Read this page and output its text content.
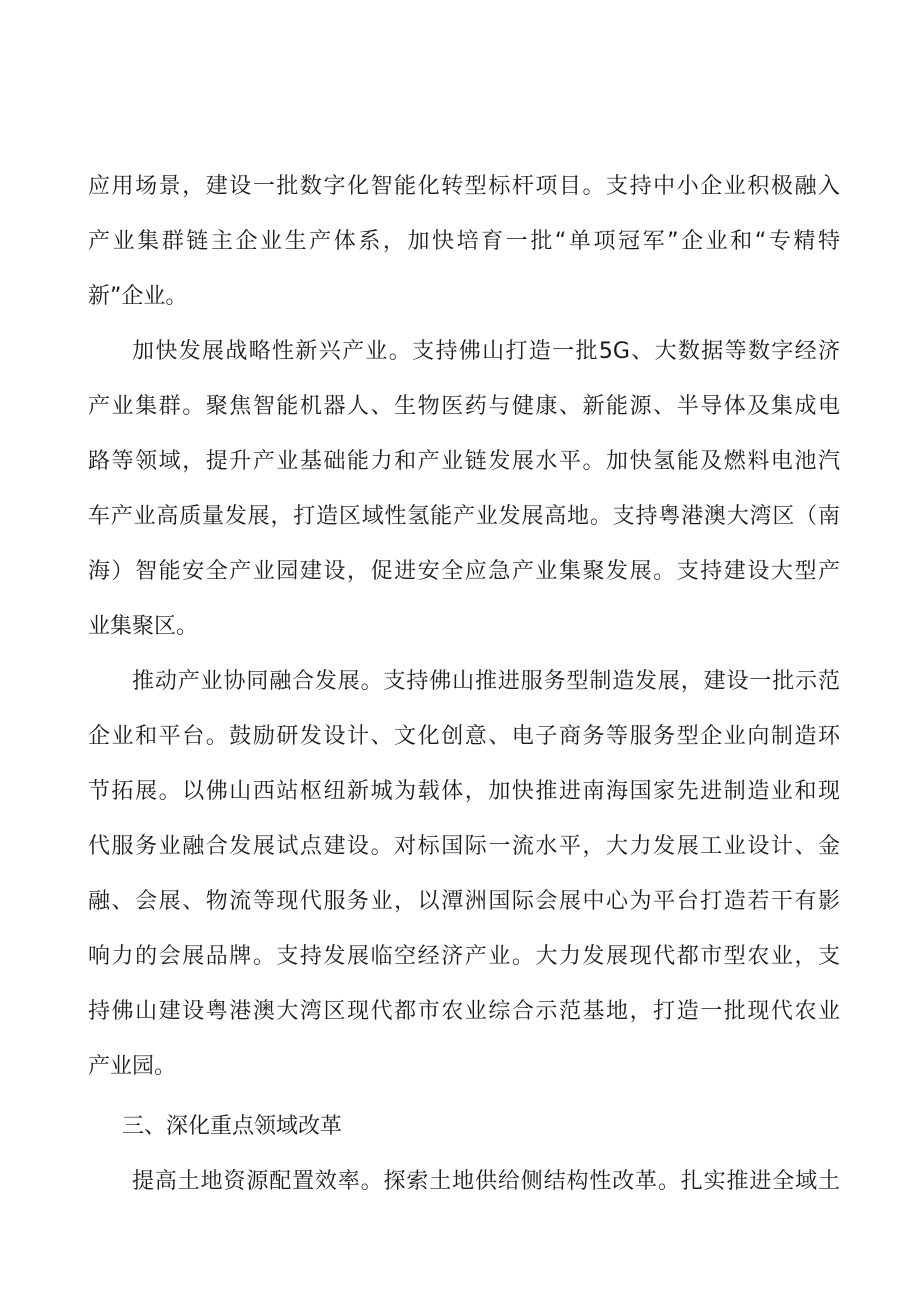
应用场景，建设一批数字化智能化转型标杆项目。支持中小企业积极融入
产业集群链主企业生产体系，加快培育一批“单项冠军”企业和“专精特
新”企业。
加快发展战略性新兴产业。支持佛山打造一批5G、大数据等数字经济
产业集群。聚焦智能机器人、生物医药与健康、新能源、半导体及集成电
路等领域，提升产业基础能力和产业链发展水平。加快氢能及燃料电池汽
车产业高质量发展，打造区域性氢能产业发展高地。支持粤港澳大湾区（南
海）智能安全产业园建设，促进安全应急产业集聚发展。支持建设大型产
业集聚区。
推动产业协同融合发展。支持佛山推进服务型制造发展，建设一批示范
企业和平台。鼓励研发设计、文化创意、电子商务等服务型企业向制造环
节拓展。以佛山西站枢纽新城为载体，加快推进南海国家先进制造业和现
代服务业融合发展试点建设。对标国际一流水平，大力发展工业设计、金
融、会展、物流等现代服务业，以潭洲国际会展中心为平台打造若干有影
响力的会展品牌。支持发展临空经济产业。大力发展现代都市型农业，支
持佛山建设粤港澳大湾区现代都市农业综合示范基地，打造一批现代农业
产业园。
三、深化重点领域改革
提高土地资源配置效率。探索土地供给侧结构性改革。扎实推进全域土
